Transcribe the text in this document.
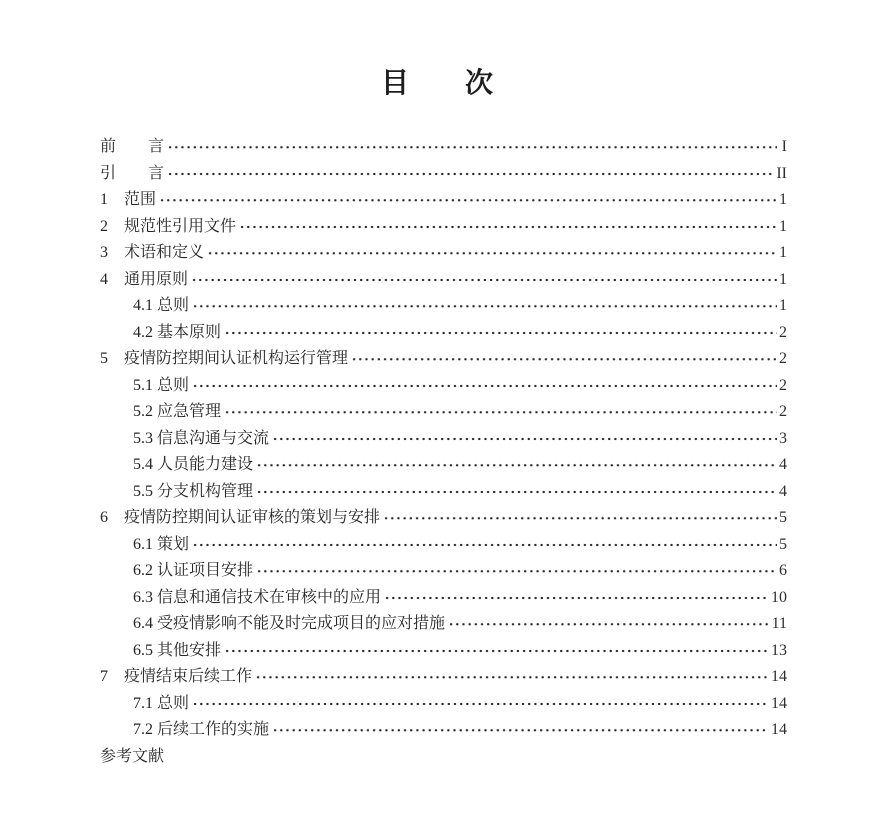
目　　次
前　　言	I
引　　言	II
1　范围	1
2　规范性引用文件	1
3　术语和定义	1
4　通用原则	1
4.1 总则	1
4.2 基本原则	2
5　疫情防控期间认证机构运行管理	2
5.1 总则	2
5.2 应急管理	2
5.3 信息沟通与交流	3
5.4 人员能力建设	4
5.5 分支机构管理	4
6　疫情防控期间认证审核的策划与安排	5
6.1 策划	5
6.2 认证项目安排	6
6.3 信息和通信技术在审核中的应用	10
6.4 受疫情影响不能及时完成项目的应对措施	11
6.5 其他安排	13
7　疫情结束后续工作	14
7.1 总则	14
7.2 后续工作的实施	14
参考文献
